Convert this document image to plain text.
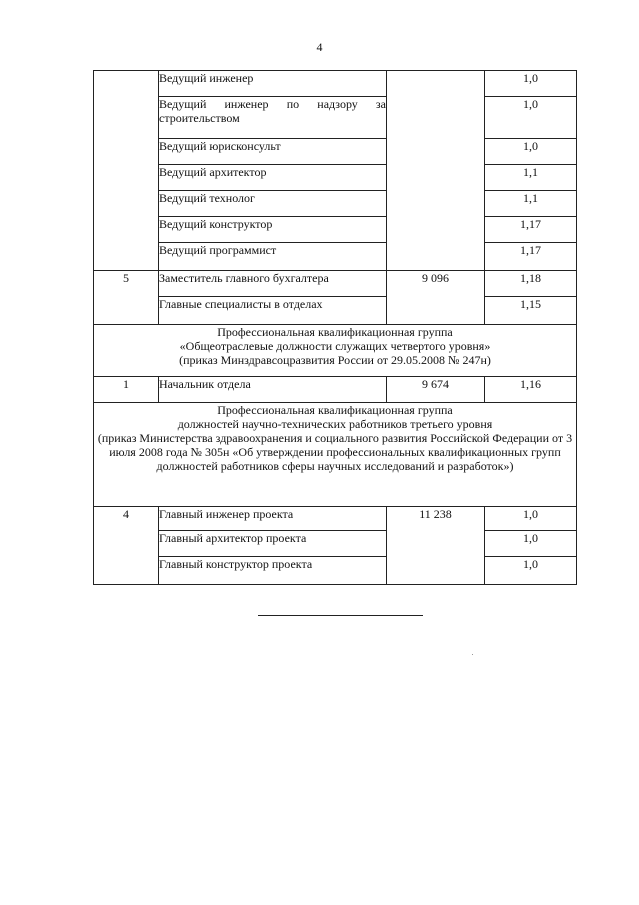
4
	Ведущий инженер		1,0
	Ведущий инженер по надзору за строительством		1,0
	Ведущий юрисконсульт		1,0
	Ведущий архитектор		1,1
	Ведущий технолог		1,1
	Ведущий конструктор		1,17
	Ведущий программист		1,17
5	Заместитель главного бухгалтера	9 096	1,18
	Главные специалисты в отделах		1,15

Профессиональная квалификационная группа
«Общеотраслевые должности служащих четвертого уровня»
(приказ Минздравсоцразвития России от 29.05.2008 № 247н)			

1	Начальник отдела	9 674	1,16

Профессиональная квалификационная группа
должностей научно-технических работников третьего уровня
(приказ Министерства здравоохранения и социального развития Российской Федерации от 3 июля 2008 года № 305н «Об утверждении профессиональных квалификационных групп должностей работников сферы научных исследований и разработок»)			

4	Главный инженер проекта	11 238	1,0
	Главный архитектор проекта		1,0
	Главный конструктор проекта		1,0
